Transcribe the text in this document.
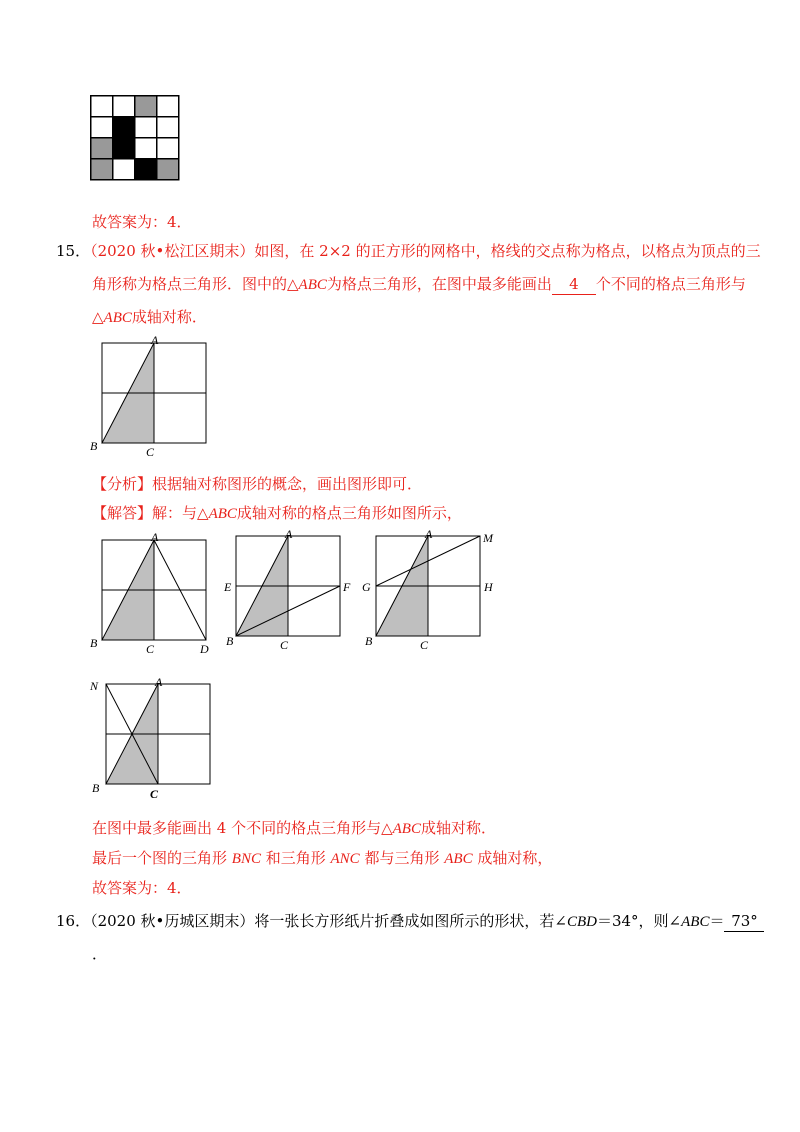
故答案为：4．
15．（2020 秋•松江区期末）如图，在 2×2 的正方形的网格中，格线的交点称为格点，以格点为顶点的三
角形称为格点三角形．图中的△ABC为格点三角形，在图中最多能画出 4 个不同的格点三角形与
△ABC成轴对称．
A
B	C
【分析】根据轴对称图形的概念，画出图形即可．
【解答】解：与△ABC成轴对称的格点三角形如图所示，
A
B	C	D
A
E	F
B	C
A	M
G	H
B	C
A
N
B	C
在图中最多能画出 4 个不同的格点三角形与△ABC成轴对称．
最后一个图的三角形 BNC 和三角形 ANC 都与三角形 ABC 成轴对称，
故答案为：4．
16．（2020 秋•历城区期末）将一张长方形纸片折叠成如图所示的形状，若∠CBD＝34°，则∠ABC＝ 73°
．
